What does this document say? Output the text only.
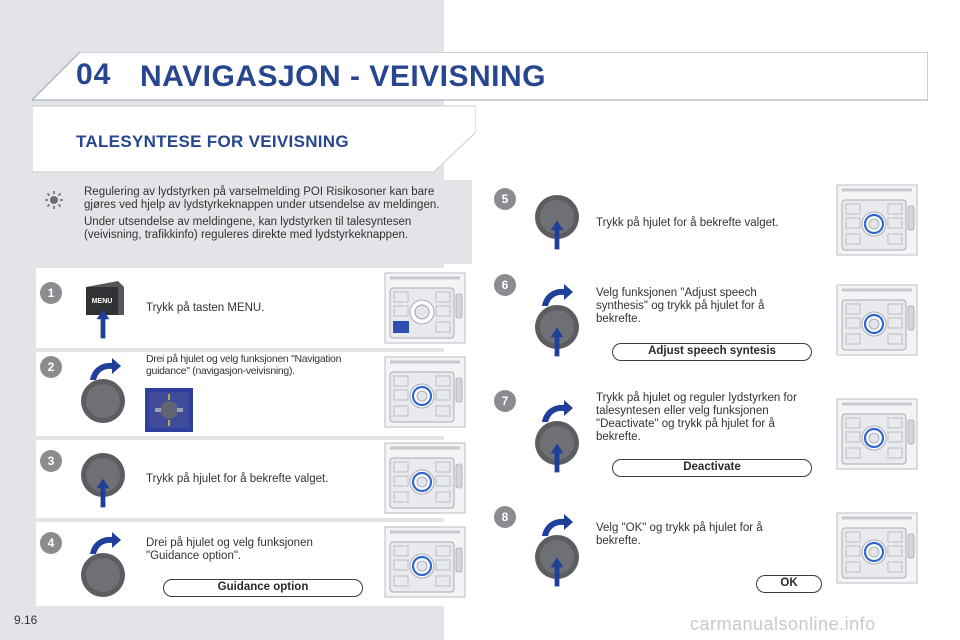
04 NAVIGASJON - VEIVISNING
TALESYNTESE FOR VEIVISNING

Regulering av lydstyrken på varselmelding POI Risikosoner kan bare gjøres ved hjelp av lydstyrkeknappen under utsendelse av meldingen.

Under utsendelse av meldingene, kan lydstyrken til talesyntesen (veivisning, trafikkinfo) reguleres direkte med lydstyrkeknappen.

1
MENU
Trykk på tasten MENU.
2
Drei på hjulet og velg funksjonen "Navigation guidance" (navigasjon-veivisning).
3
Trykk på hjulet for å bekrefte valget.
4	Drei på hjulet og velg funksjonen "Guidance option".
Guidance option
5
Trykk på hjulet for å bekrefte valget.
6
Velg funksjonen "Adjust speech synthesis" og trykk på hjulet for å bekrefte.
Adjust speech syntesis
7	Trykk på hjulet og reguler lydstyrken for talesyntesen eller velg funksjonen "Deactivate" og trykk på hjulet for å bekrefte.
Deactivate
8
Velg "OK" og trykk på hjulet for å bekrefte.
OK
9.16	carmanualsonline.info
